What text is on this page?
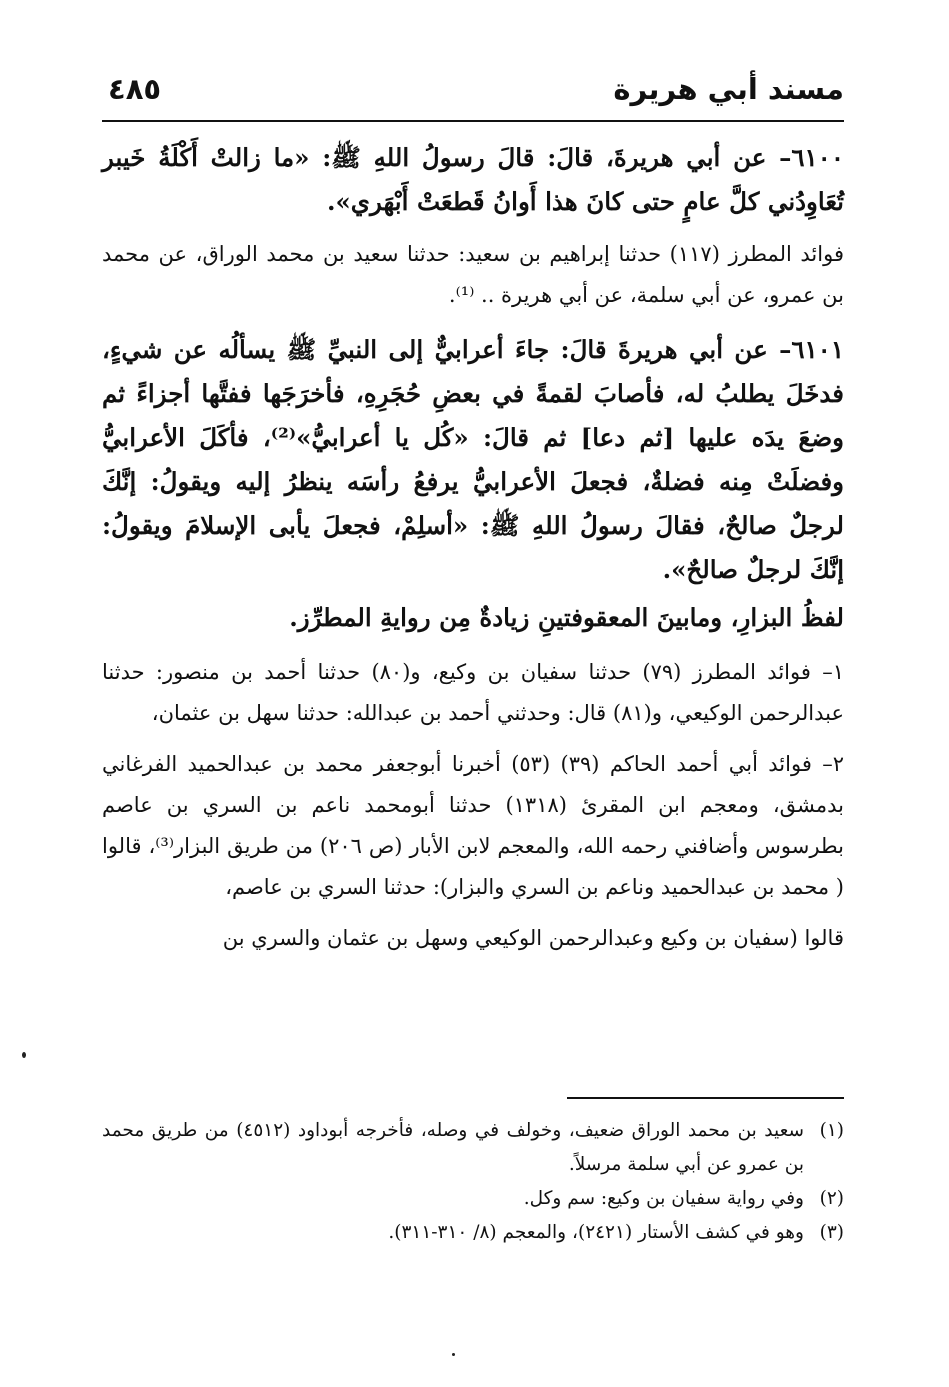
مسند أبي هريرة
٤٨٥

٦١٠٠– عن أبي هريرةَ، قالَ: قالَ رسولُ اللهِ ﷺ: «ما زالتْ أَكْلَةُ خَيبر تُعَاوِدُني كلَّ عامٍ حتى كانَ هذا أَوانُ قَطعَتْ أَبْهَري».

فوائد المطرز (١١٧) حدثنا إبراهيم بن سعيد: حدثنا سعيد بن محمد الوراق، عن محمد بن عمرو، عن أبي سلمة، عن أبي هريرة .. ⁽¹⁾.

٦١٠١– عن أبي هريرةَ قالَ: جاءَ أعرابيٌّ إلى النبيِّ ﷺ يسألُه عن شيءٍ، فدخَلَ يطلبُ له، فأصابَ لقمةً في بعضِ حُجَرِهِ، فأخرَجَها ففتَّها أجزاءً ثم وضعَ يدَه عليها [ثم دعا] ثم قالَ: «كُل يا أعرابيُّ»⁽²⁾، فأكَلَ الأعرابيُّ وفضلَتْ مِنه فضلةٌ، فجعلَ الأعرابيُّ يرفعُ رأسَه ينظرُ إليه ويقولُ: إنَّكَ لرجلٌ صالحٌ، فقالَ رسولُ اللهِ ﷺ: «أسلِمْ، فجعلَ يأبى الإسلامَ ويقولُ: إنَّكَ لرجلٌ صالحٌ».

لفظُ البزارِ، ومابينَ المعقوفتينِ زيادةٌ مِن روايةِ المطرِّز.

١– فوائد المطرز (٧٩) حدثنا سفيان بن وكيع، و(٨٠) حدثنا أحمد بن منصور: حدثنا عبدالرحمن الوكيعي، و(٨١) قال: وحدثني أحمد بن عبدالله: حدثنا سهل بن عثمان،

٢– فوائد أبي أحمد الحاكم (٣٩) (٥٣) أخبرنا أبوجعفر محمد بن عبدالحميد الفرغاني بدمشق، ومعجم ابن المقرئ (١٣١٨) حدثنا أبومحمد ناعم بن السري بن عاصم بطرسوس وأضافني رحمه الله، والمعجم لابن الأبار (ص ٢٠٦) من طريق البزار⁽³⁾، قالوا ( محمد بن عبدالحميد وناعم بن السري والبزار): حدثنا السري بن عاصم،

قالوا (سفيان بن وكيع وعبدالرحمن الوكيعي وسهل بن عثمان والسري بن

(١)سعيد بن محمد الوراق ضعيف، وخولف في وصله، فأخرجه أبوداود (٤٥١٢) من طريق محمد بن عمرو عن أبي سلمة مرسلاً.

(٢)وفي رواية سفيان بن وكيع: سم وكل.

(٣)وهو في كشف الأستار (٢٤٢١)، والمعجم (٨/ ٣١٠-٣١١).
